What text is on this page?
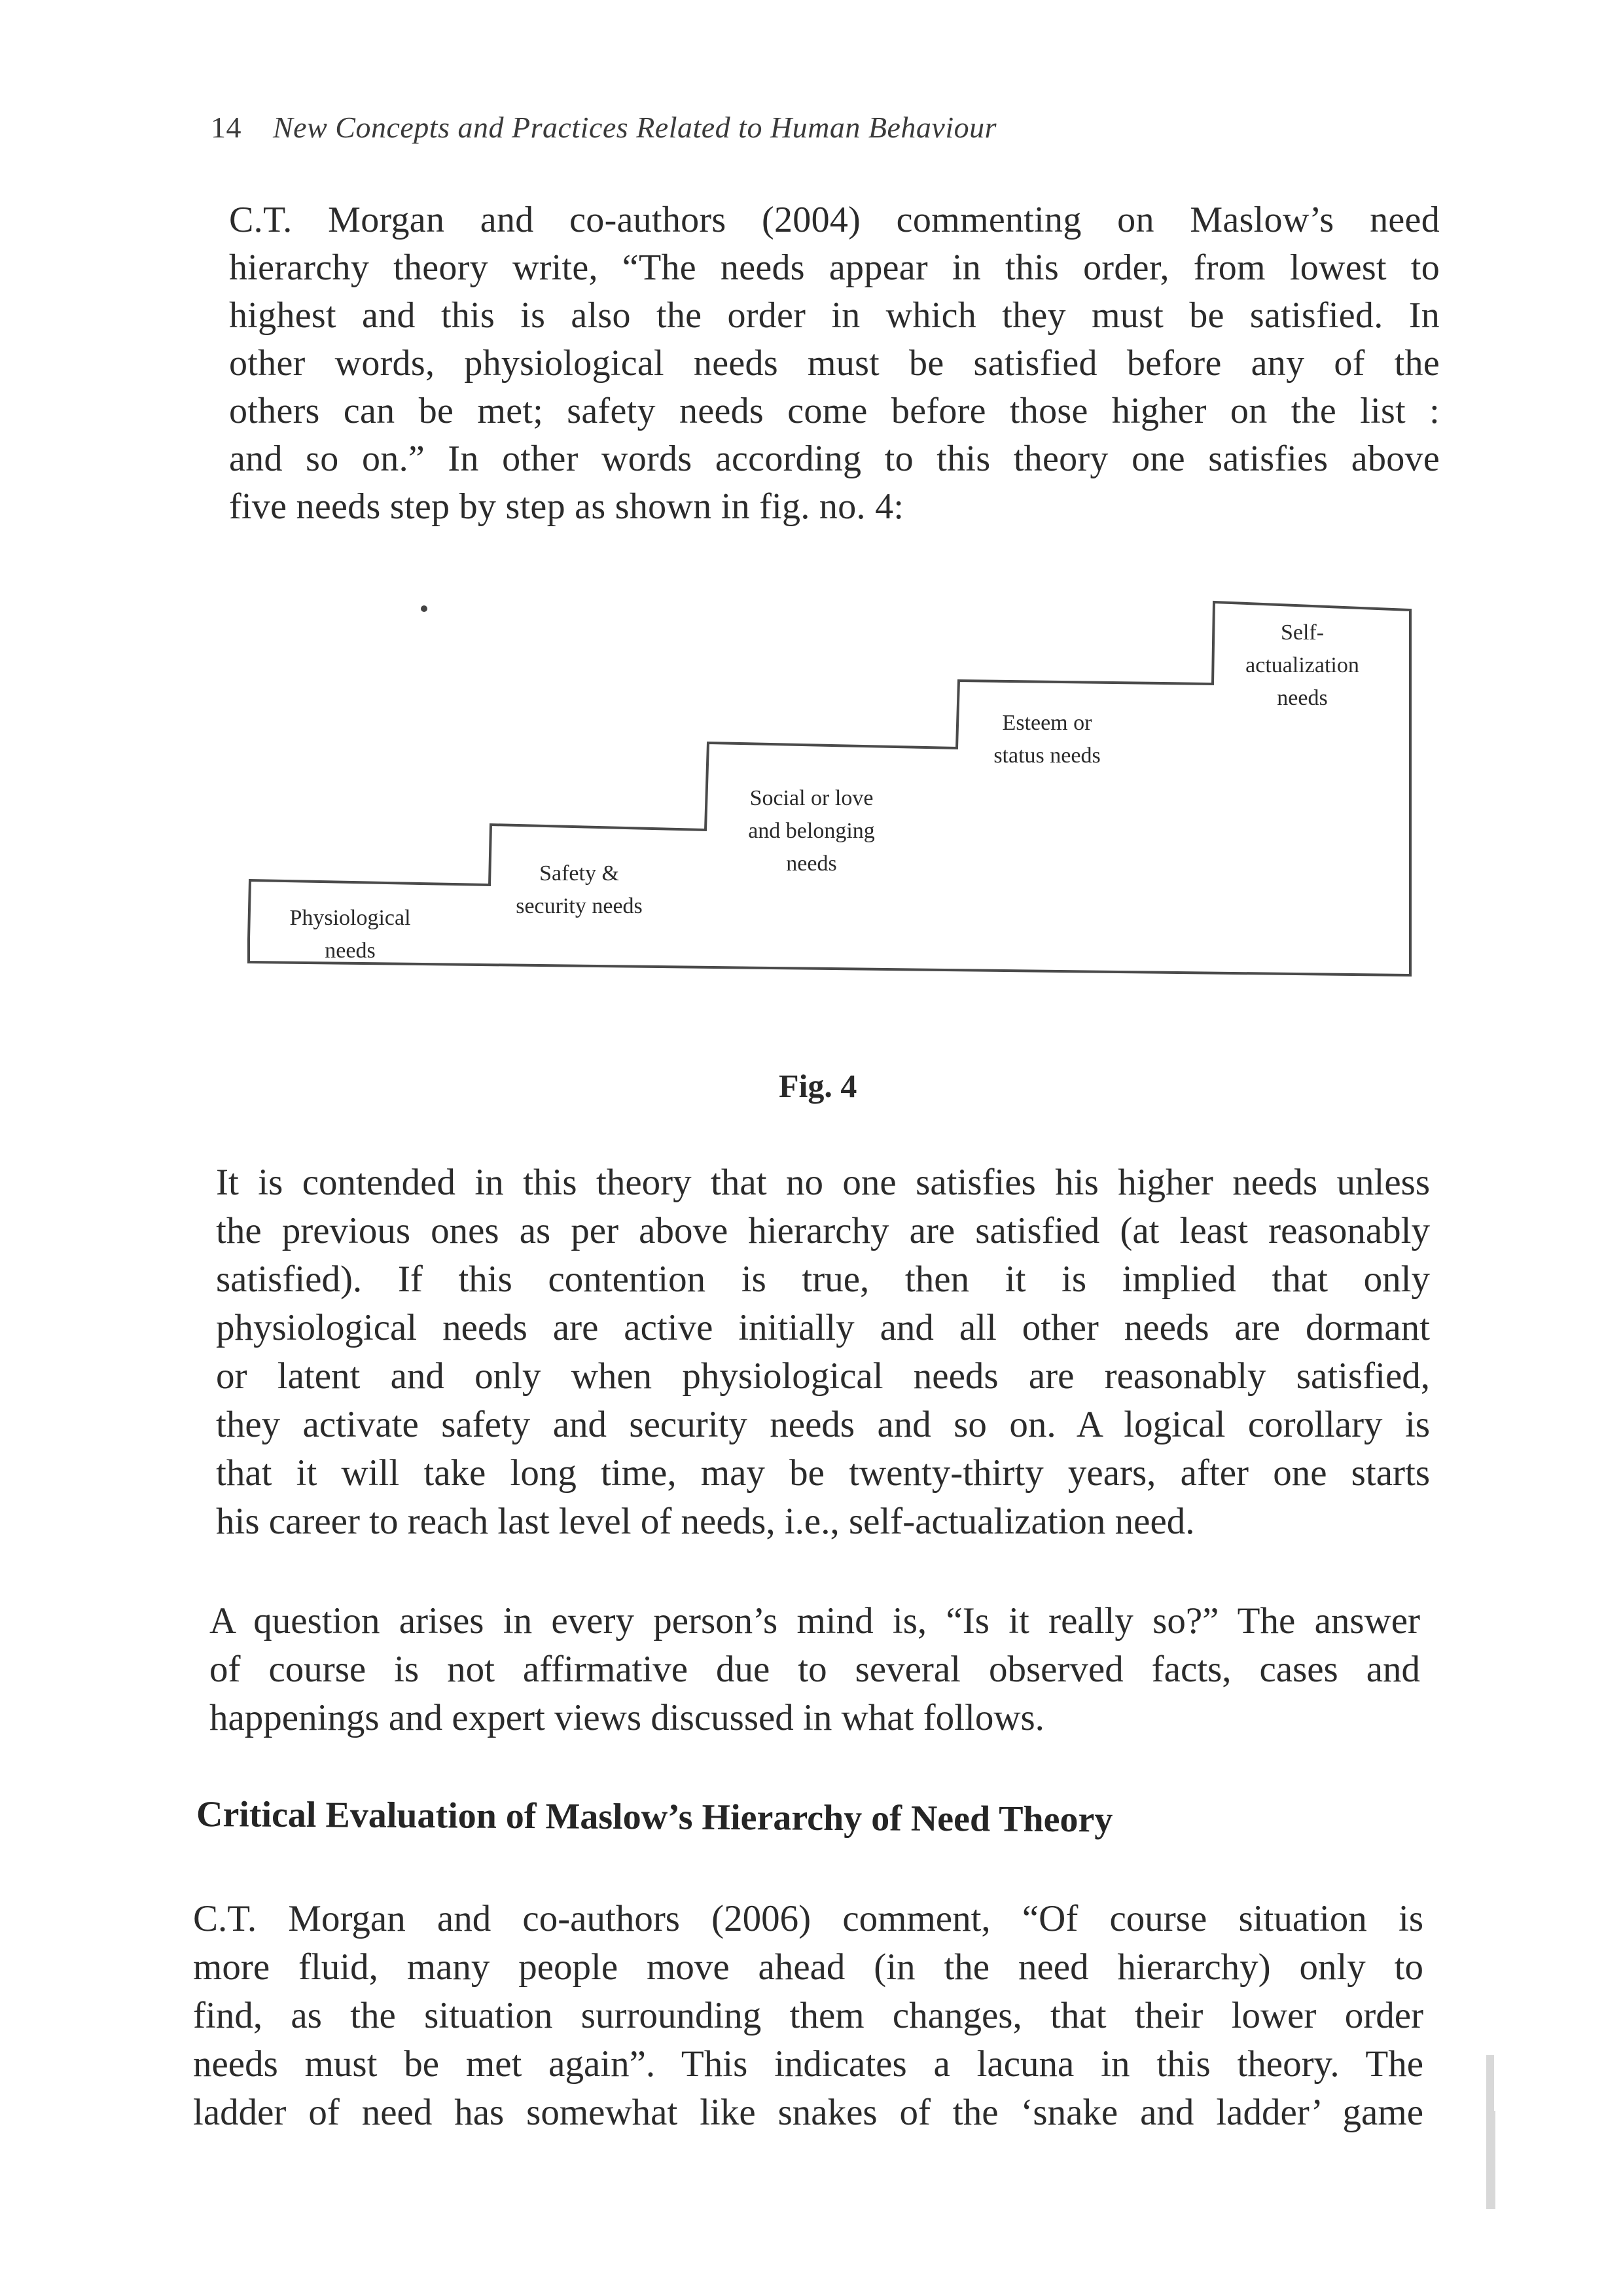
14 New Concepts and Practices Related to Human Behaviour
C.T. Morgan and co-authors (2004) commenting on Maslow’s need
hierarchy theory write, “The needs appear in this order, from lowest to
highest and this is also the order in which they must be satisfied. In
other words, physiological needs must be satisfied before any of the
others can be met; safety needs come before those higher on the list :
and so on.” In other words according to this theory one satisfies above
five needs step by step as shown in fig. no. 4:
Physiological
needs
Safety &
security needs
Social or love
and belonging
needs
Esteem or
status needs
Self-
actualization
needs
Fig. 4
It is contended in this theory that no one satisfies his higher needs unless
the previous ones as per above hierarchy are satisfied (at least reasonably
satisfied). If this contention is true, then it is implied that only
physiological needs are active initially and all other needs are dormant
or latent and only when physiological needs are reasonably satisfied,
they activate safety and security needs and so on. A logical corollary is
that it will take long time, may be twenty-thirty years, after one starts
his career to reach last level of needs, i.e., self-actualization need.
A question arises in every person’s mind is, “Is it really so?” The answer
of course is not affirmative due to several observed facts, cases and
happenings and expert views discussed in what follows.
Critical Evaluation of Maslow’s Hierarchy of Need Theory
C.T. Morgan and co-authors (2006) comment, “Of course situation is
more fluid, many people move ahead (in the need hierarchy) only to
find, as the situation surrounding them changes, that their lower order
needs must be met again”. This indicates a lacuna in this theory. The
ladder of need has somewhat like snakes of the ‘snake and ladder’ game
